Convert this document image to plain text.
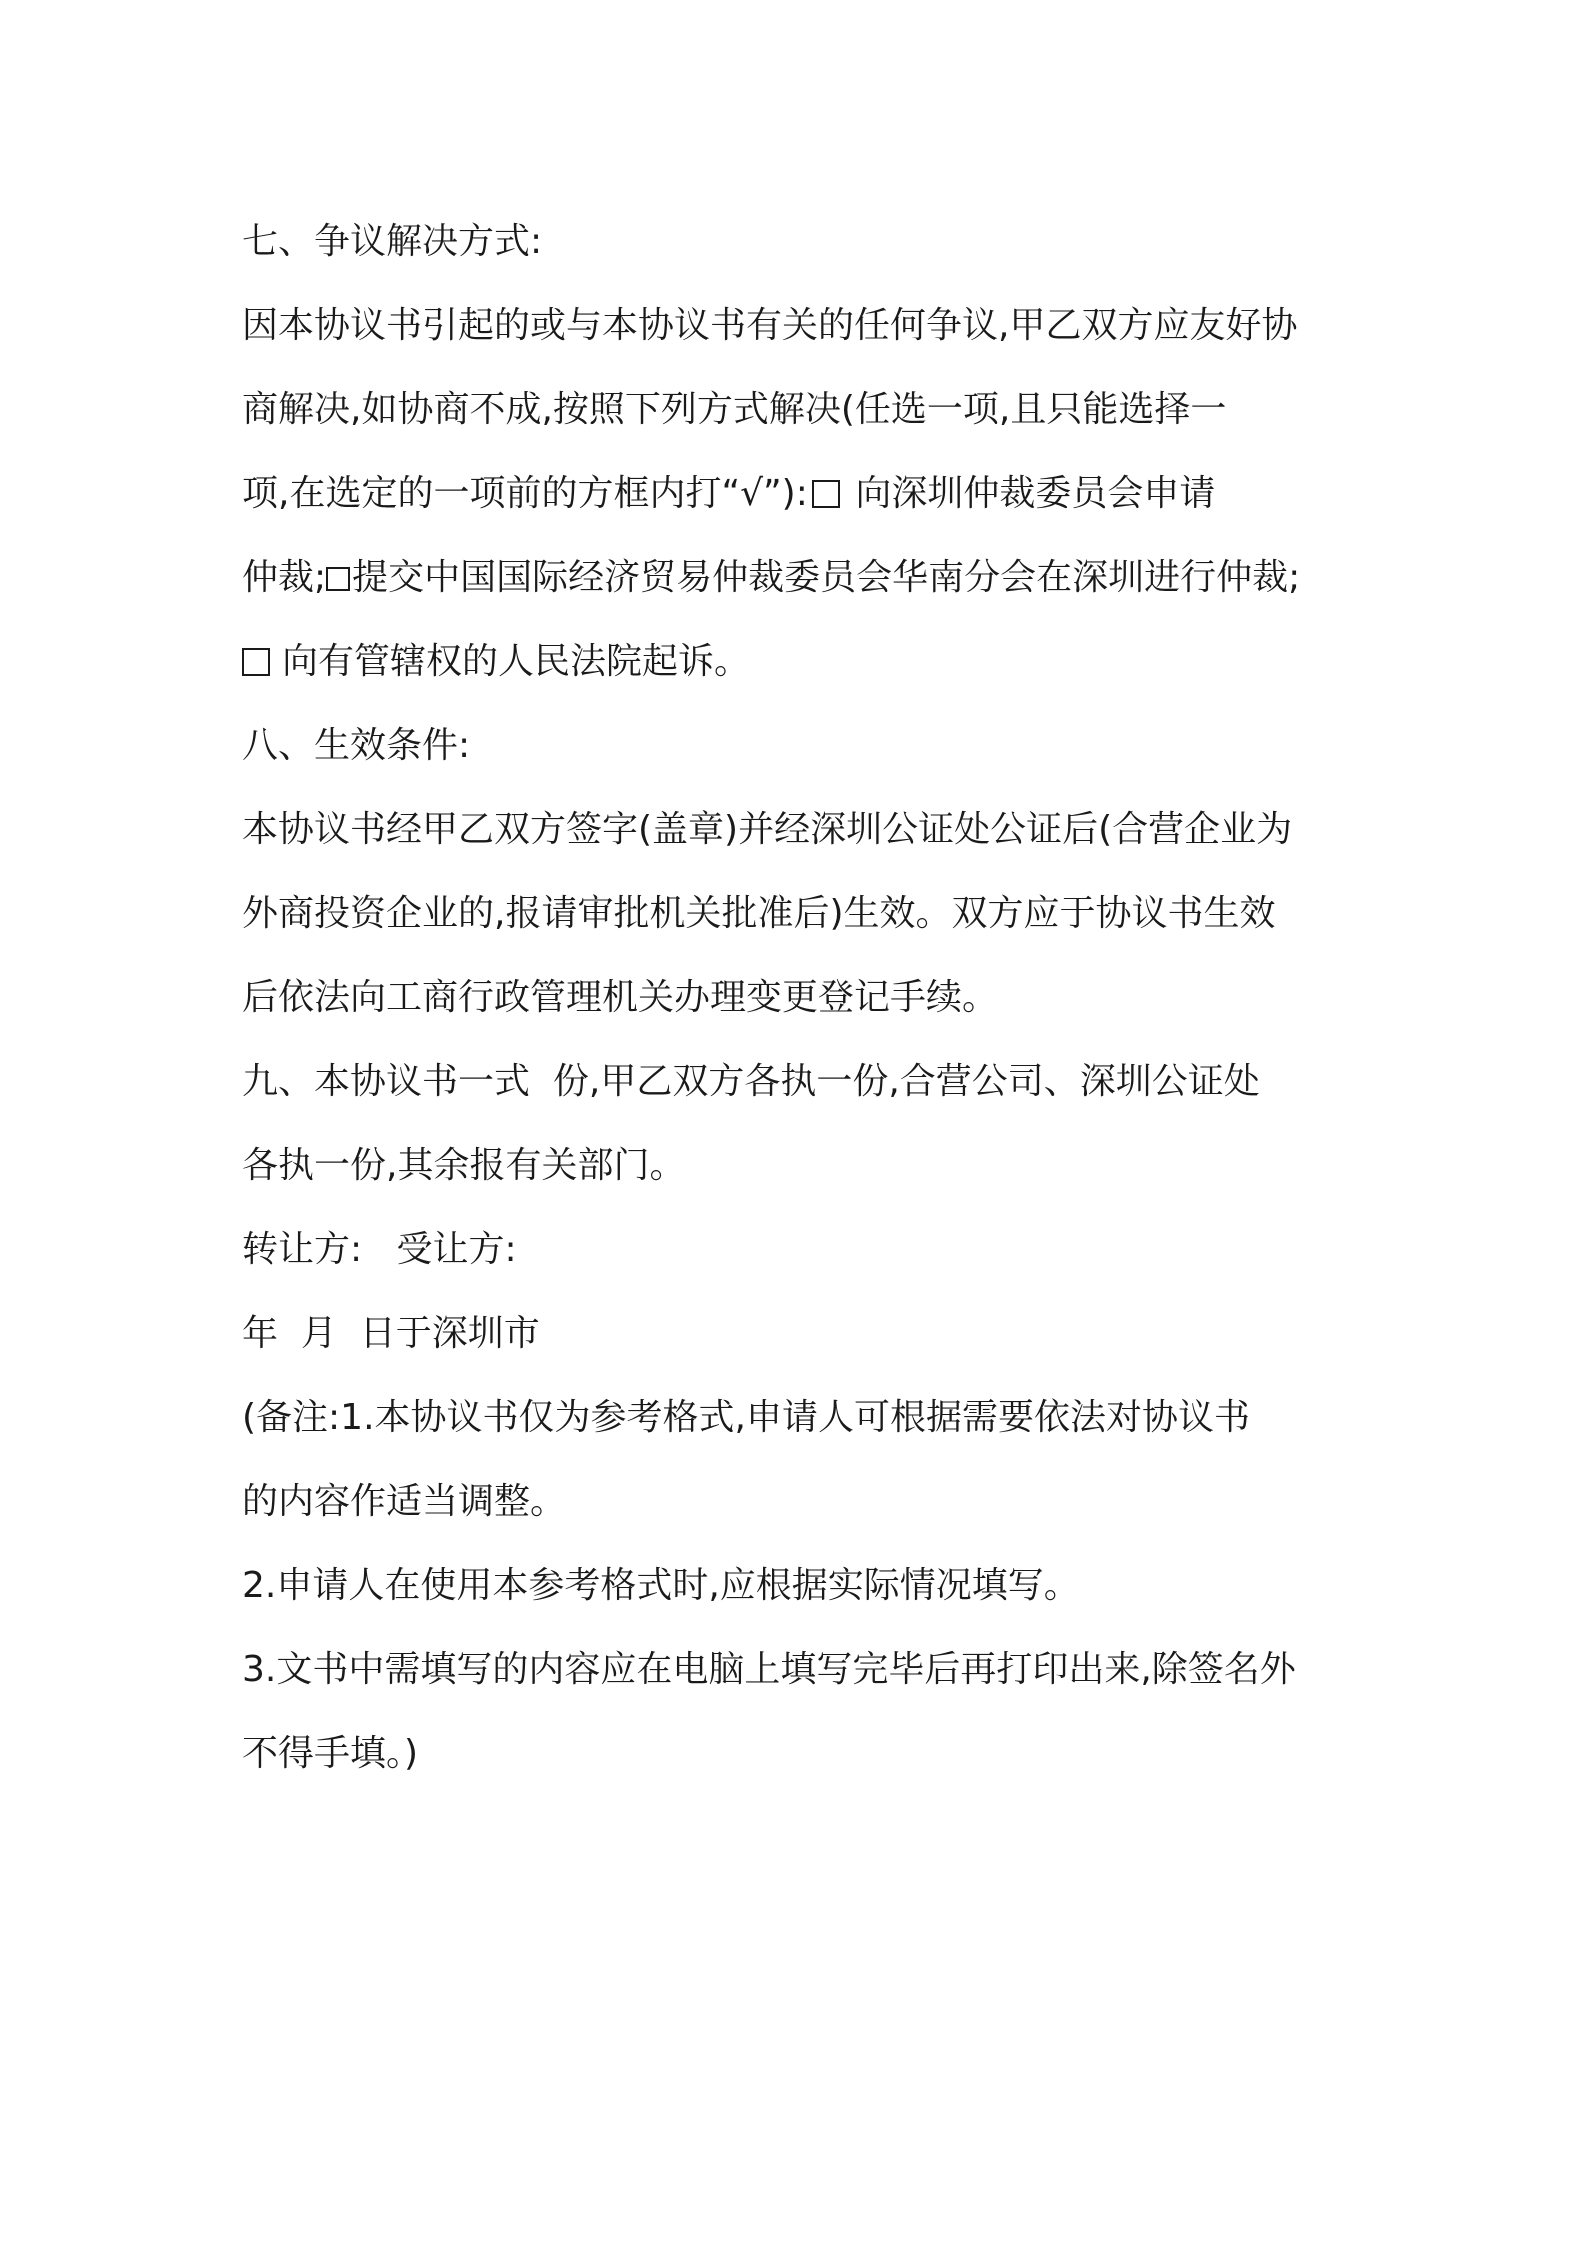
七、争议解决方式:
因本协议书引起的或与本协议书有关的任何争议,甲乙双方应友好协
商解决,如协商不成,按照下列方式解决(任选一项,且只能选择一
项,在选定的一项前的方框内打“√”): 向深圳仲裁委员会申请
仲裁; 提交中国国际经济贸易仲裁委员会华南分会在深圳进行仲裁;
向有管辖权的人民法院起诉。
八、生效条件:
本协议书经甲乙双方签字(盖章)并经深圳公证处公证后(合营企业为
外商投资企业的,报请审批机关批准后)生效。双方应于协议书生效
后依法向工商行政管理机关办理变更登记手续。
九、本协议书一式  份,甲乙双方各执一份,合营公司、深圳公证处
各执一份,其余报有关部门。
转让方:   受让方:
年  月  日于深圳市
(备注:1.本协议书仅为参考格式,申请人可根据需要依法对协议书
的内容作适当调整。
2.申请人在使用本参考格式时,应根据实际情况填写。
3.文书中需填写的内容应在电脑上填写完毕后再打印出来,除签名外
不得手填。)
